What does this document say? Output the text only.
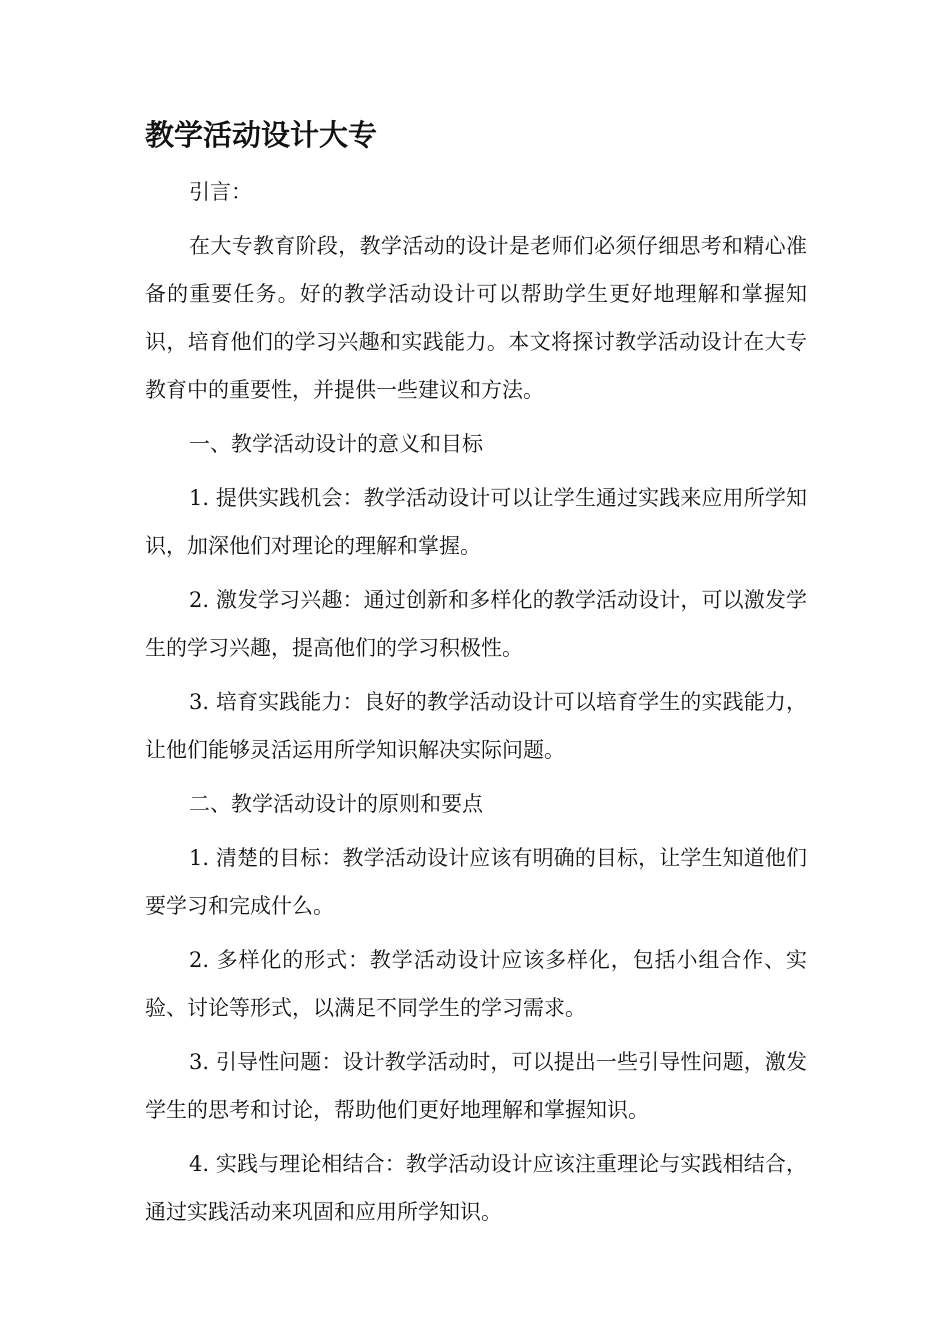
教学活动设计大专

引言：

在大专教育阶段，教学活动的设计是老师们必须仔细思考和精心准备的重要任务。好的教学活动设计可以帮助学生更好地理解和掌握知识，培育他们的学习兴趣和实践能力。本文将探讨教学活动设计在大专教育中的重要性，并提供一些建议和方法。

一、教学活动设计的意义和目标

1. 提供实践机会：教学活动设计可以让学生通过实践来应用所学知识，加深他们对理论的理解和掌握。

2. 激发学习兴趣：通过创新和多样化的教学活动设计，可以激发学生的学习兴趣，提高他们的学习积极性。

3. 培育实践能力：良好的教学活动设计可以培育学生的实践能力，让他们能够灵活运用所学知识解决实际问题。

二、教学活动设计的原则和要点

1. 清楚的目标：教学活动设计应该有明确的目标，让学生知道他们要学习和完成什么。

2. 多样化的形式：教学活动设计应该多样化，包括小组合作、实验、讨论等形式，以满足不同学生的学习需求。

3. 引导性问题：设计教学活动时，可以提出一些引导性问题，激发学生的思考和讨论，帮助他们更好地理解和掌握知识。

4. 实践与理论相结合：教学活动设计应该注重理论与实践相结合，通过实践活动来巩固和应用所学知识。
